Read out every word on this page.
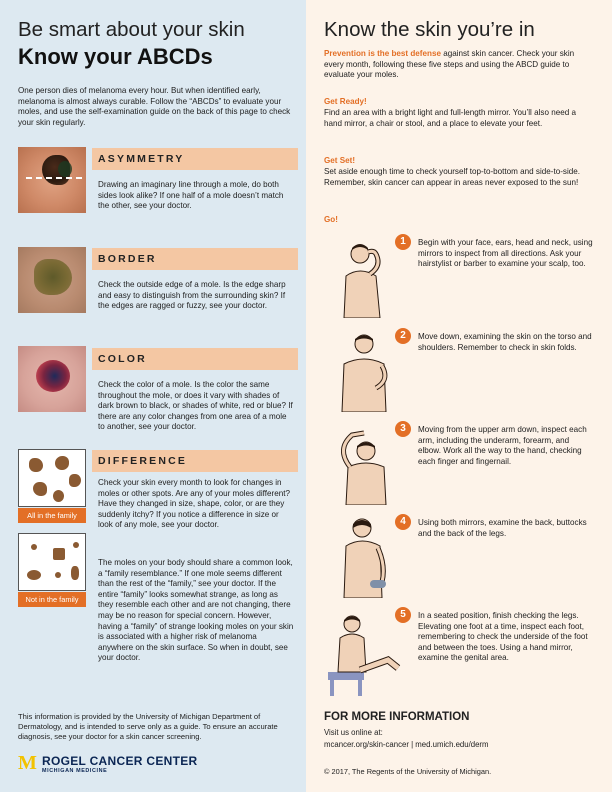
Be smart about your skin
Know your ABCDs
One person dies of melanoma every hour. But when identified early, melanoma is almost always curable. Follow the “ABCDs” to evaluate your moles, and use the self-examination guide on the back of this page to check your skin regularly.
ASYMMETRY
Drawing an imaginary line through a mole, do both sides look alike? If one half of a mole doesn’t match the other, see your doctor.
BORDER
Check the outside edge of a mole. Is the edge sharp and easy to distinguish from the surrounding skin? If the edges are ragged or fuzzy, see your doctor.
COLOR
Check the color of a mole. Is the color the same throughout the mole, or does it vary with shades of dark brown to black, or shades of white, red or blue? If there are any color changes from one area of a mole to another, see your doctor.
All in the family
Not in the family
DIFFERENCE
Check your skin every month to look for changes in moles or other spots. Are any of your moles different? Have they changed in size, shape, color, or are they suddenly itchy? If you notice a difference in size or look of any mole, see your doctor.
The moles on your body should share a common look, a “family resemblance.” If one mole seems different than the rest of the “family,” see your doctor. If the entire “family” looks somewhat strange, as long as they resemble each other and are not changing, there may be no reason for special concern. However, having a “family” of strange looking moles on your skin is associated with a higher risk of melanoma anywhere on the skin surface. So when in doubt, see your doctor.
This information is provided by the University of Michigan Department of Dermatology, and is intended to serve only as a guide. To ensure an accurate diagnosis, see your doctor for a skin cancer screening.
M ROGEL CANCER CENTER
MICHIGAN MEDICINE
Know the skin you’re in
Prevention is the best defense against skin cancer. Check your skin every month, following these five steps and using the ABCD guide to evaluate your moles.
Get Ready!
Find an area with a bright light and full-length mirror. You’ll also need a hand mirror, a chair or stool, and a place to elevate your feet.
Get Set!
Set aside enough time to check yourself top-to-bottom and side-to-side. Remember, skin cancer can appear in areas never exposed to the sun!
Go!
1	Begin with your face, ears, head and neck, using mirrors to inspect from all directions. Ask your hairstylist or barber to examine your scalp, too.
2	Move down, examining the skin on the torso and shoulders. Remember to check in skin folds.
3	Moving from the upper arm down, inspect each arm, including the underarm, forearm, and elbow. Work all the way to the hand, checking each finger and fingernail.
4	Using both mirrors, examine the back, buttocks and the back of the legs.
5	In a seated position, finish checking the legs. Elevating one foot at a time, inspect each foot, remembering to check the underside of the foot and between the toes. Using a hand mirror, examine the genital area.
FOR MORE INFORMATION
Visit us online at:
mcancer.org/skin-cancer | med.umich.edu/derm
© 2017, The Regents of the University of Michigan.
